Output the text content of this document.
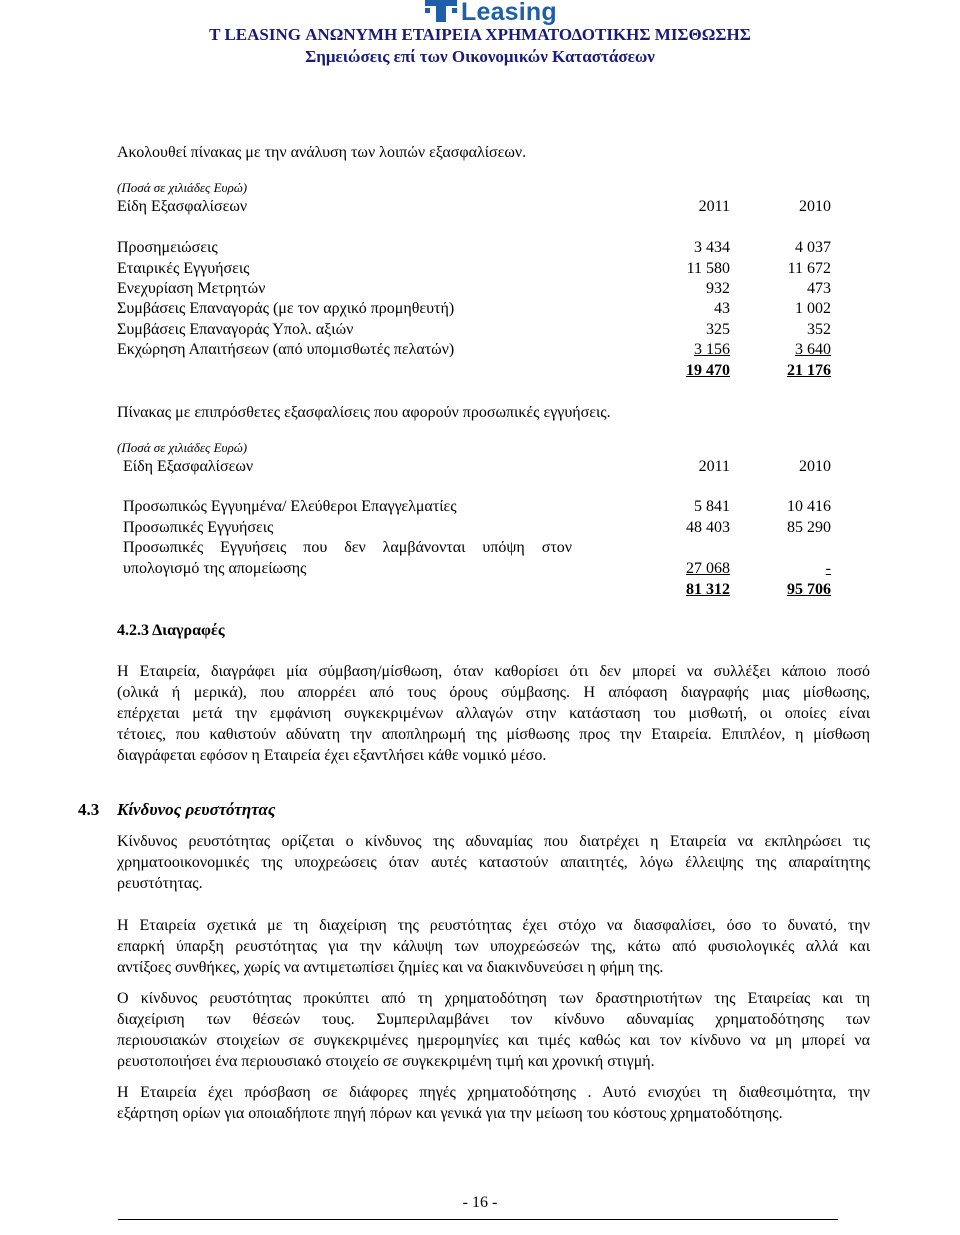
Leasing
T LEASING ΑΝΩΝΥΜΗ ΕΤΑΙΡΕΙΑ ΧΡΗΜΑΤΟΔΟΤΙΚΗΣ ΜΙΣΘΩΣΗΣ
Σημειώσεις επί των Οικονομικών Καταστάσεων
Ακολουθεί πίνακας με την ανάλυση των λοιπών εξασφαλίσεων.
(Ποσά σε χιλιάδες Ευρώ)
Είδη Εξασφαλίσεων	2011	2010
Προσημειώσεις	3 434	4 037
Εταιρικές Εγγυήσεις	11 580	11 672
Ενεχυρίαση Μετρητών	932	473
Συμβάσεις Επαναγοράς (με τον αρχικό προμηθευτή)	43	1 002
Συμβάσεις Επαναγοράς Υπολ. αξιών	325	352
Εκχώρηση Απαιτήσεων (από υπομισθωτές πελατών)	3 156	3 640
19 470	21 176
Πίνακας με επιπρόσθετες εξασφαλίσεις που αφορούν προσωπικές εγγυήσεις.
(Ποσά σε χιλιάδες Ευρώ)
Είδη Εξασφαλίσεων	2011	2010
Προσωπικώς Εγγυημένα/ Ελεύθεροι Επαγγελματίες	5 841	10 416
Προσωπικές Εγγυήσεις	48 403	85 290
Προσωπικές Εγγυήσεις που δεν λαμβάνονται υπόψη στον
υπολογισμό της απομείωσης	27 068	-
81 312	95 706
4.2.3 Διαγραφές
Η Εταιρεία, διαγράφει μία σύμβαση/μίσθωση, όταν καθορίσει ότι δεν μπορεί να συλλέξει κάποιο ποσό
(ολικά ή μερικά), που απορρέει από τους όρους σύμβασης. Η απόφαση διαγραφής μιας μίσθωσης,
επέρχεται μετά την εμφάνιση συγκεκριμένων αλλαγών στην κατάσταση του μισθωτή, οι οποίες είναι
τέτοιες, που καθιστούν αδύνατη την αποπληρωμή της μίσθωσης προς την Εταιρεία. Επιπλέον, η μίσθωση
διαγράφεται εφόσον η Εταιρεία έχει εξαντλήσει κάθε νομικό μέσο.
4.3 Κίνδυνος ρευστότητας
Κίνδυνος ρευστότητας ορίζεται ο κίνδυνος της αδυναμίας που διατρέχει η Εταιρεία να εκπληρώσει τις
χρηματοοικονομικές της υποχρεώσεις όταν αυτές καταστούν απαιτητές, λόγω έλλειψης της απαραίτητης
ρευστότητας.
Η Εταιρεία σχετικά με τη διαχείριση της ρευστότητας έχει στόχο να διασφαλίσει, όσο το δυνατό, την
επαρκή ύπαρξη ρευστότητας για την κάλυψη των υποχρεώσεών της, κάτω από φυσιολογικές αλλά και
αντίξοες συνθήκες, χωρίς να αντιμετωπίσει ζημίες και να διακινδυνεύσει η φήμη της.
Ο κίνδυνος ρευστότητας προκύπτει από τη χρηματοδότηση των δραστηριοτήτων της Εταιρείας και τη
διαχείριση των θέσεών τους. Συμπεριλαμβάνει τον κίνδυνο αδυναμίας χρηματοδότησης των
περιουσιακών στοιχείων σε συγκεκριμένες ημερομηνίες και τιμές καθώς και τον κίνδυνο να μη μπορεί να
ρευστοποιήσει ένα περιουσιακό στοιχείο σε συγκεκριμένη τιμή και χρονική στιγμή.
Η Εταιρεία έχει πρόσβαση σε διάφορες πηγές χρηματοδότησης . Αυτό ενισχύει τη διαθεσιμότητα, την
εξάρτηση ορίων για οποιαδήποτε πηγή πόρων και γενικά για την μείωση του κόστους χρηματοδότησης.
- 16 -
